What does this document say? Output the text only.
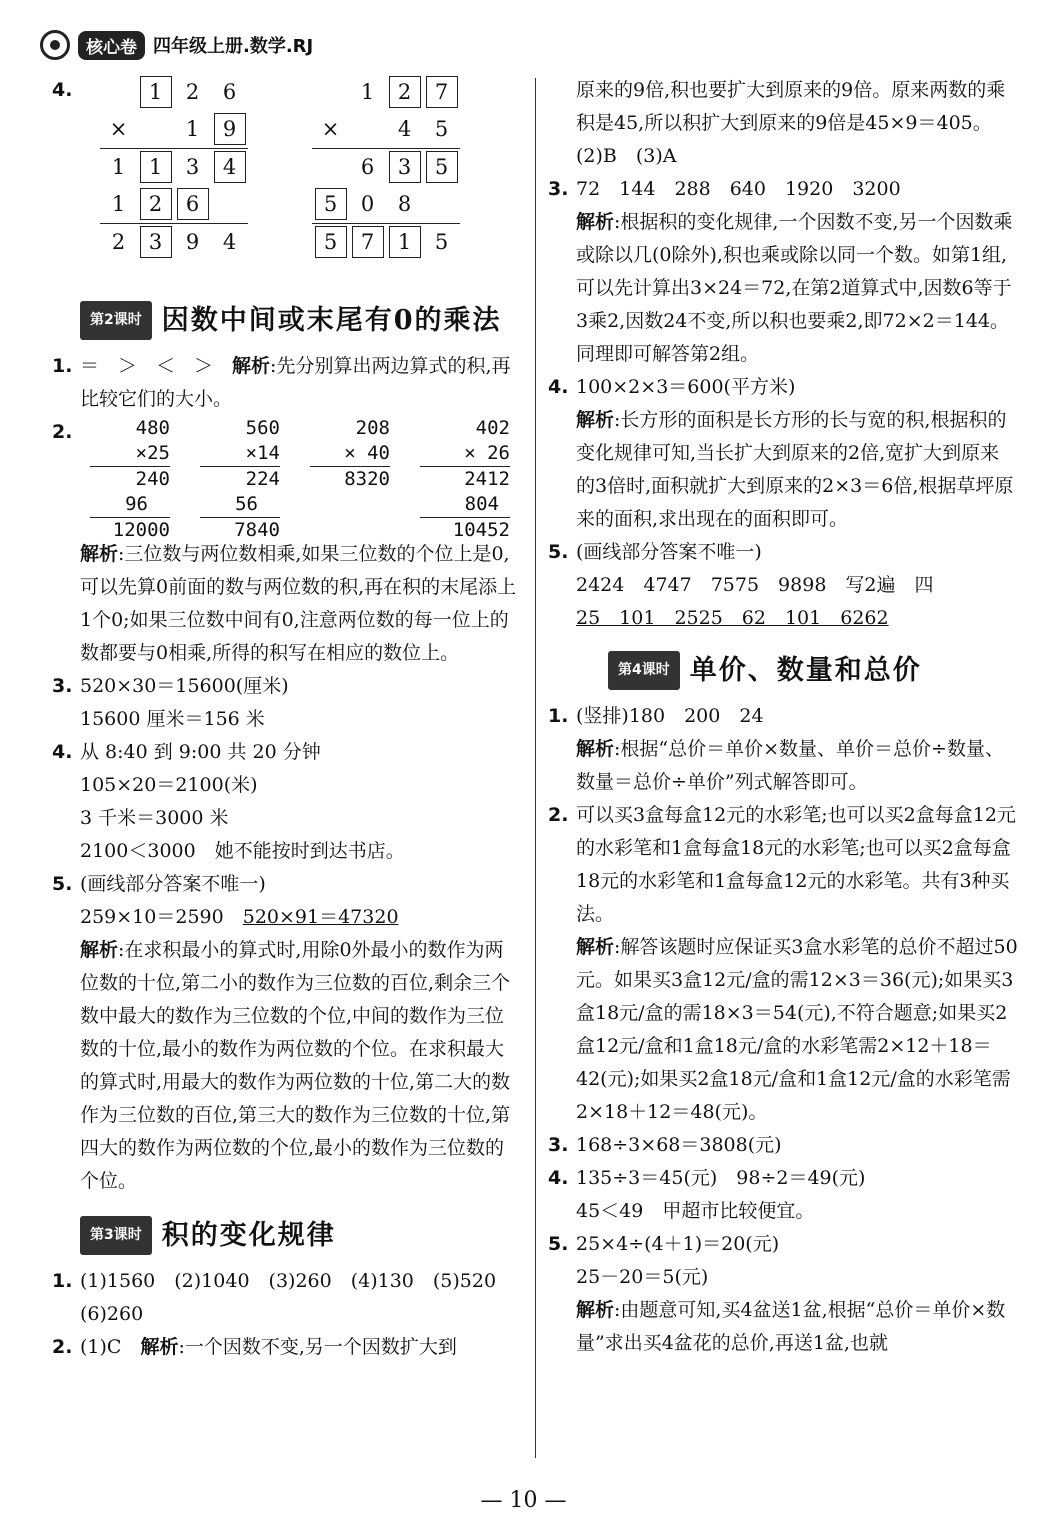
核心卷 四年级上册.数学.RJ
4.
		1	2	6
×		1	9
1	1	3	4
1	2	6	
2	3	9	4
	1	2	7
×		4	5
	6	3	5
5	0	8	
5	7	1	5
第2课时 因数中间或末尾有0的乘法
1. ＝　＞　＜　＞　 解析:先分别算出两边算式的积,再比较它们的大小。
2.	480
×25
240
96
12000
560
×14
224
56
7840
208
× 40
8320
402
× 26
2412
804
10452
解析:三位数与两位数相乘,如果三位数的个位上是0,可以先算0前面的数与两位数的积,再在积的末尾添上1个0;如果三位数中间有0,注意两位数的每一位上的数都要与0相乘,所得的积写在相应的数位上。
3. 520×30＝15600(厘米)
15600 厘米＝156 米
4. 从 8:40 到 9:00 共 20 分钟
105×20＝2100(米)
3 千米＝3000 米
2100＜3000　她不能按时到达书店。
5. (画线部分答案不唯一)
259×10＝2590　 520×91＝47320
解析:在求积最小的算式时,用除0外最小的数作为两位数的十位,第二小的数作为三位数的百位,剩余三个数中最大的数作为三位数的个位,中间的数作为三位数的十位,最小的数作为两位数的个位。在求积最大的算式时,用最大的数作为两位数的十位,第二大的数作为三位数的百位,第三大的数作为三位数的十位,第四大的数作为两位数的个位,最小的数作为三位数的个位。
第3课时 积的变化规律
1. (1)1560　(2)1040　(3)260　(4)130　(5)520
(6)260
2. (1)C　解析:一个因数不变,另一个因数扩大到
原来的9倍,积也要扩大到原来的9倍。原来两数的乘积是45,所以积扩大到原来的9倍是45×9＝405。
(2)B　(3)A
3. 72　144　288　640　1920　3200
解析:根据积的变化规律,一个因数不变,另一个因数乘或除以几(0除外),积也乘或除以同一个数。如第1组,可以先计算出3×24＝72,在第2道算式中,因数6等于3乘2,因数24不变,所以积也要乘2,即72×2＝144。同理即可解答第2组。
4. 100×2×3＝600(平方米)
解析:长方形的面积是长方形的长与宽的积,根据积的变化规律可知,当长扩大到原来的2倍,宽扩大到原来的3倍时,面积就扩大到原来的2×3＝6倍,根据草坪原来的面积,求出现在的面积即可。
5. (画线部分答案不唯一)
2424　4747　7575　9898　写2遍　四
25　101　2525　62　101　6262
第4课时 单价、数量和总价
1. (竖排)180　200　24
解析:根据“总价＝单价×数量、单价＝总价÷数量、数量＝总价÷单价”列式解答即可。
2. 可以买3盒每盒12元的水彩笔;也可以买2盒每盒12元的水彩笔和1盒每盒18元的水彩笔;也可以买2盒每盒18元的水彩笔和1盒每盒12元的水彩笔。共有3种买法。
解析:解答该题时应保证买3盒水彩笔的总价不超过50元。如果买3盒12元/盒的需12×3＝36(元);如果买3盒18元/盒的需18×3＝54(元),不符合题意;如果买2盒12元/盒和1盒18元/盒的水彩笔需2×12＋18＝42(元);如果买2盒18元/盒和1盒12元/盒的水彩笔需2×18＋12＝48(元)。
3. 168÷3×68＝3808(元)
4. 135÷3＝45(元)　98÷2＝49(元)
45＜49　甲超市比较便宜。
5. 25×4÷(4＋1)＝20(元)
25－20＝5(元)
解析:由题意可知,买4盆送1盆,根据“总价＝单价×数量”求出买4盆花的总价,再送1盆,也就
— 10 —
